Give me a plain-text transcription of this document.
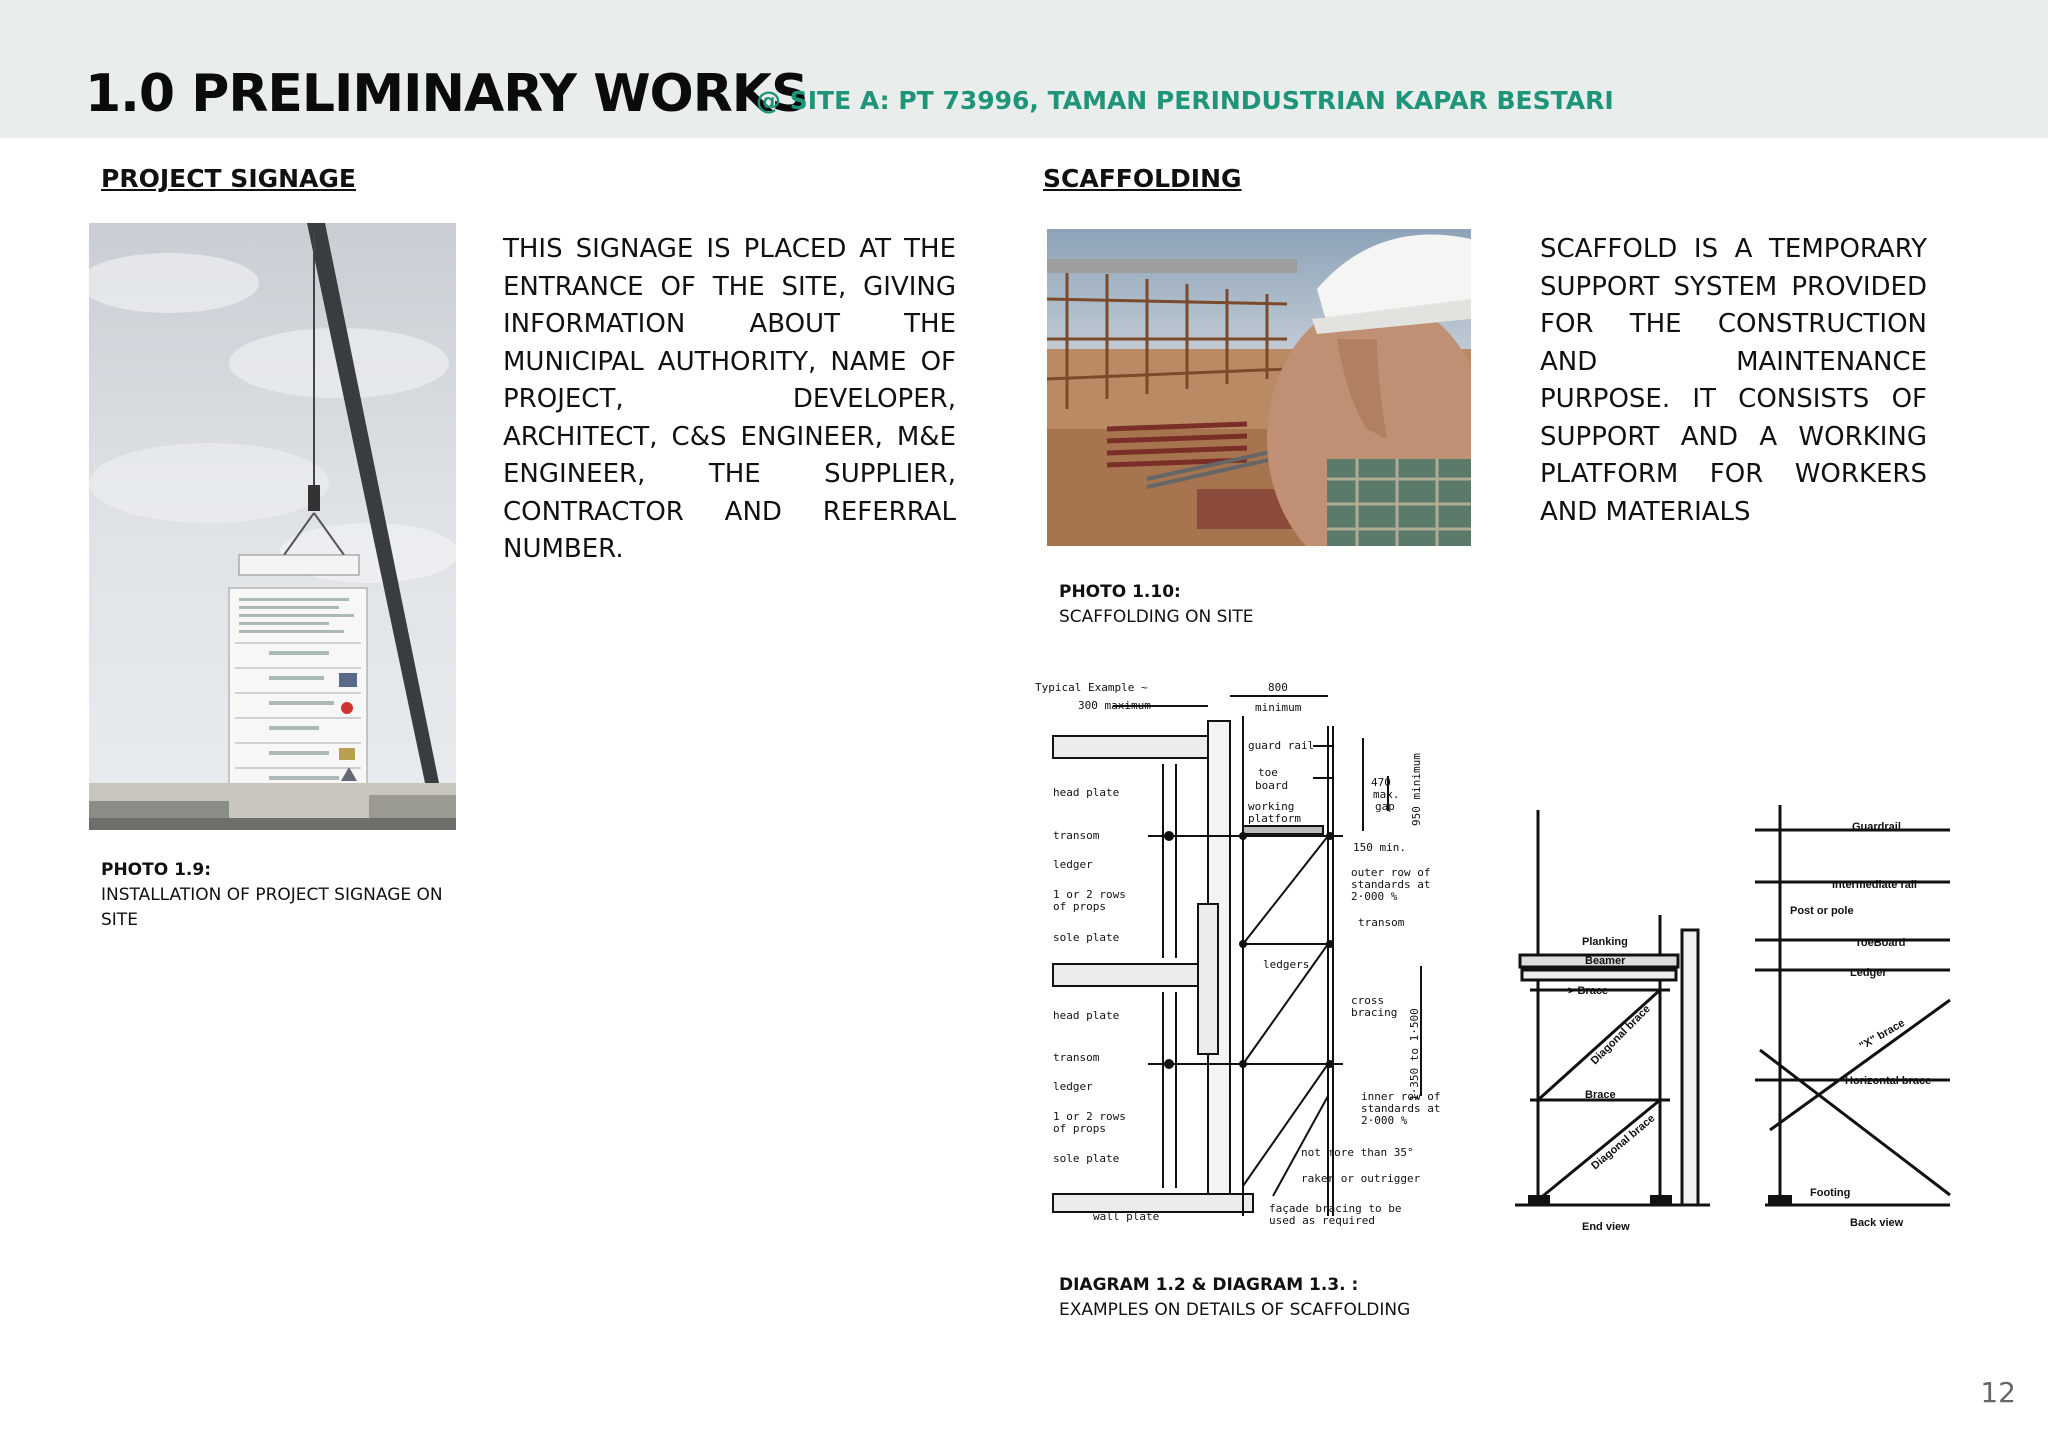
1.0 PRELIMINARY WORKS
@ SITE A: PT 73996, TAMAN PERINDUSTRIAN KAPAR BESTARI
PROJECT SIGNAGE
THIS SIGNAGE IS PLACED AT THE ENTRANCE OF THE SITE, GIVING INFORMATION ABOUT THE MUNICIPAL AUTHORITY, NAME OF PROJECT, DEVELOPER, ARCHITECT, C&S ENGINEER, M&E ENGINEER, THE SUPPLIER, CONTRACTOR AND REFERRAL NUMBER.
PHOTO 1.9:
INSTALLATION OF PROJECT SIGNAGE ON SITE
SCAFFOLDING
SCAFFOLD IS A TEMPORARY SUPPORT SYSTEM PROVIDED FOR THE CONSTRUCTION AND MAINTENANCE PURPOSE. IT CONSISTS OF SUPPORT AND A WORKING PLATFORM FOR WORKERS AND MATERIALS
PHOTO 1.10:
SCAFFOLDING ON SITE
Typical Example ~
300 maximum
800
minimum
guard rail
toe
board
working
platform
470
max.
gap 950 minimum
150 min.
head plate
transom
ledger
1 or 2 rows
of props
sole plate
outer row of
standards at
2·000 %
transom
ledgers
cross
bracing 1·350 to 1·500
head plate
transom
ledger
1 or 2 rows
of props
sole plate
inner row of
standards at
2·000 %
not more than 35°
raker or outrigger
façade bracing to be
used as required
wall plate
Planking
Beamer
> Brace
Diagonal brace
Brace
Diagonal brace
End view
Guardrail
Intermediate rail
Post or pole
ToeBoard
Ledger
"X" brace
Horizontal brace
Footing
Back view
DIAGRAM 1.2 & DIAGRAM 1.3. :
EXAMPLES ON DETAILS OF SCAFFOLDING
12
